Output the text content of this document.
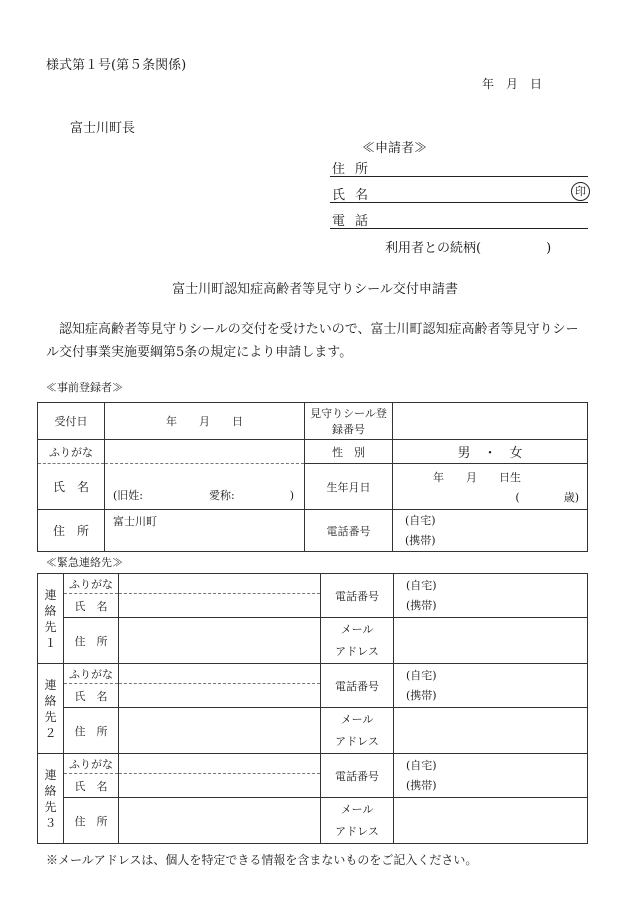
様式第１号(第５条関係)
年　月　日
富士川町長
≪申請者≫
住所
氏名	印
電話
利用者との続柄(　　　　　)
富士川町認知症高齢者等見守りシール交付申請書
認知症高齢者等見守りシールの交付を受けたいので、富士川町認知症高齢者等見守りシール交付事業実施要綱第5条の規定により申請します。
≪事前登録者≫
受付日	年　　月　　日	見守りシール登録番号	
ふりがな		性　別	男　・　女
氏　名	(旧姓:　　　　　　愛称:　　　　　)	生年月日	年　　月　　日生
(　　　　歳)

住　所	富士川町	電話番号	(自宅)
(携帯)
≪緊急連絡先≫
連絡先１	ふりがな		電話番号	(自宅)
(携帯)

	氏　名			
	住　所		メール
アドレス	

連絡先２	ふりがな		電話番号	(自宅)
(携帯)

	氏　名			
	住　所		メール
アドレス	

連絡先３	ふりがな		電話番号	(自宅)
(携帯)

	氏　名			
	住　所		メール
アドレス	

※メールアドレスは、個人を特定できる情報を含まないものをご記入ください。
